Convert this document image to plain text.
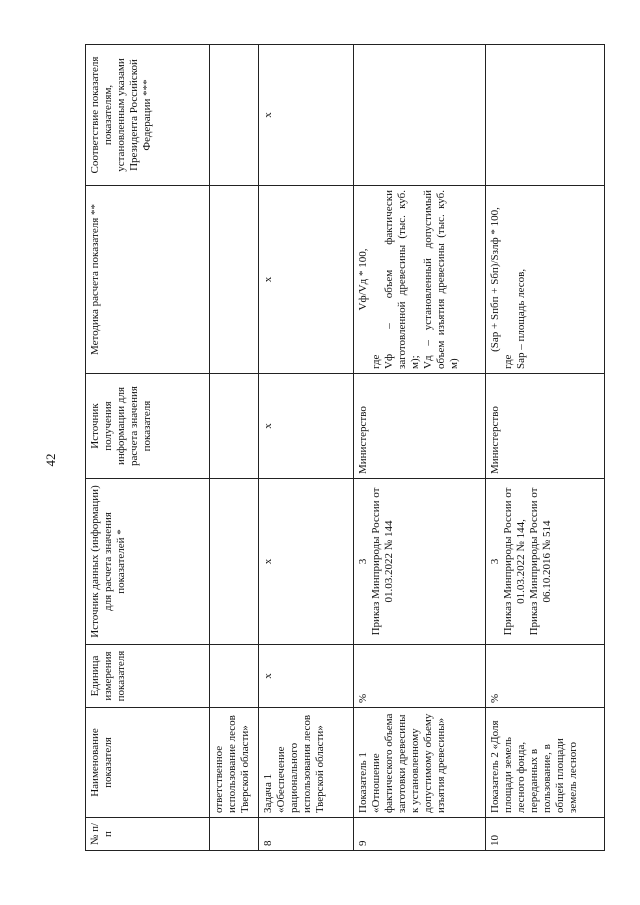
42
№ п/п	Наименование показателя	Единица измерения показателя	Источник данных (информации) для расчета значения показателей *	Источник получения информации для расчета значения показателя	Методика расчета показателя **	Соответствие показателя показателям, установленным указами Президента Российской Федерации ***
	ответственное использование лесов Тверской области»					
8	Задача 1 «Обеспечение рационального использования лесов Тверской области»	х	х	х	х	х
9	Показатель 1 «Отношение фактического объема заготовки древесины к установленному допустимому объему изъятия древесины»	%	3 Приказ Минприроды России от 01.03.2022 № 144	Министерство	Vф/Vд * 100,
где Vф – объем фактически заготовленной древесины (тыс. куб. м); Vд – установленный допустимый объем изъятия древесины (тыс. куб. м)	

10	Показатель 2 «Доля площади земель лесного фонда, переданных в пользование, в общей площади земель лесного	%	3 Приказ Минприроды России от 01.03.2022 № 144, Приказ Минприроды России от 06.10.2016 № 514	Министерство	(Sар + Sпбп + Sбп)/Sзлф * 100,
где Sар – площадь лесов,	
